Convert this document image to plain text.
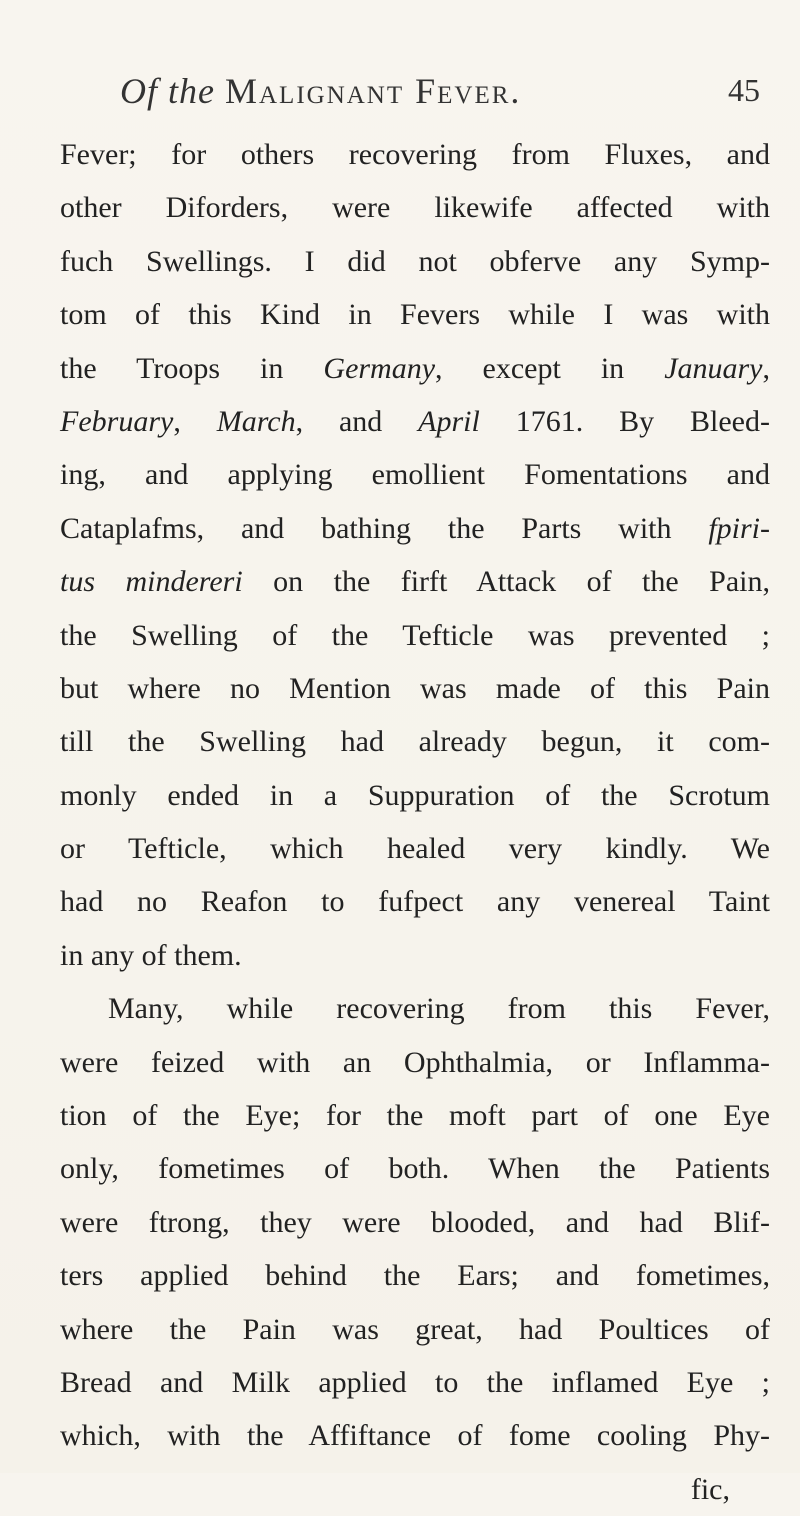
Of the Malignant Fever.	45
Fever; for others recovering from Fluxes, and
other Diforders, were likewife affected with
fuch Swellings. I did not obferve any Symp-
tom of this Kind in Fevers while I was with
the Troops in Germany, except in January,
February, March, and April 1761. By Bleed-
ing, and applying emollient Fomentations and
Cataplafms, and bathing the Parts with fpiri-
tus mindereri on the firft Attack of the Pain,
the Swelling of the Tefticle was prevented ;
but where no Mention was made of this Pain
till the Swelling had already begun, it com-
monly ended in a Suppuration of the Scrotum
or Tefticle, which healed very kindly. We
had no Reafon to fufpect any venereal Taint
in any of them.
Many, while recovering from this Fever,
were feized with an Ophthalmia, or Inflamma-
tion of the Eye; for the moft part of one Eye
only, fometimes of both. When the Patients
were ftrong, they were blooded, and had Blif-
ters applied behind the Ears; and fometimes,
where the Pain was great, had Poultices of
Bread and Milk applied to the inflamed Eye ;
which, with the Affiftance of fome cooling Phy-
fic,
